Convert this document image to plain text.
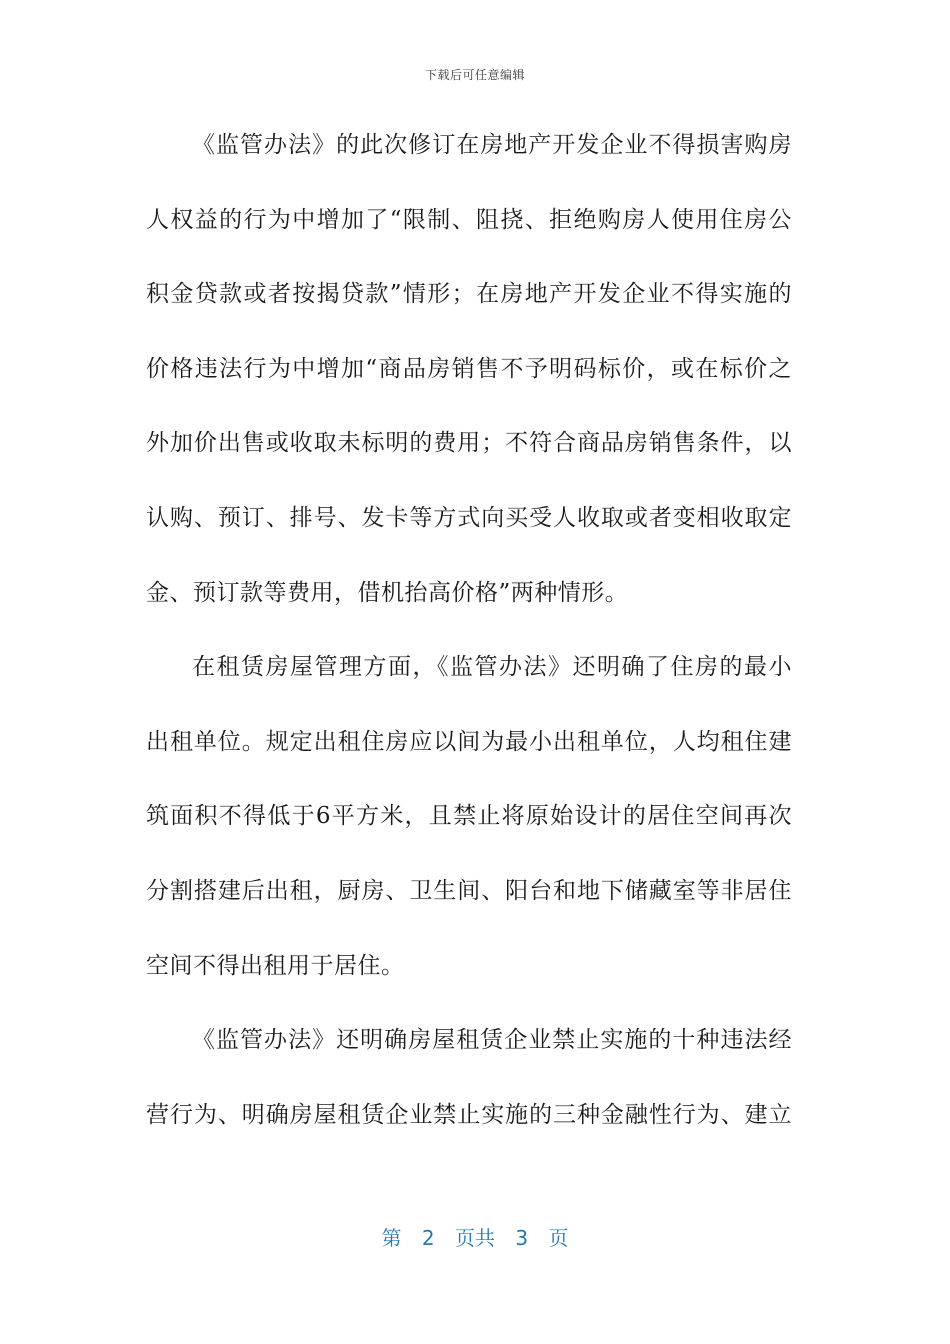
下载后可任意编辑
《监管办法》的此次修订在房地产开发企业不得损害购房
人权益的行为中增加了“限制、阻挠、拒绝购房人使用住房公
积金贷款或者按揭贷款”情形；在房地产开发企业不得实施的
价格违法行为中增加“商品房销售不予明码标价，或在标价之
外加价出售或收取未标明的费用；不符合商品房销售条件，以
认购、预订、排号、发卡等方式向买受人收取或者变相收取定
金、预订款等费用，借机抬高价格”两种情形。
在租赁房屋管理方面，《监管办法》还明确了住房的最小
出租单位。规定出租住房应以间为最小出租单位，人均租住建
筑面积不得低于6平方米，且禁止将原始设计的居住空间再次
分割搭建后出租，厨房、卫生间、阳台和地下储藏室等非居住
空间不得出租用于居住。
《监管办法》还明确房屋租赁企业禁止实施的十种违法经
营行为、明确房屋租赁企业禁止实施的三种金融性行为、建立
第 2 页共 3 页
